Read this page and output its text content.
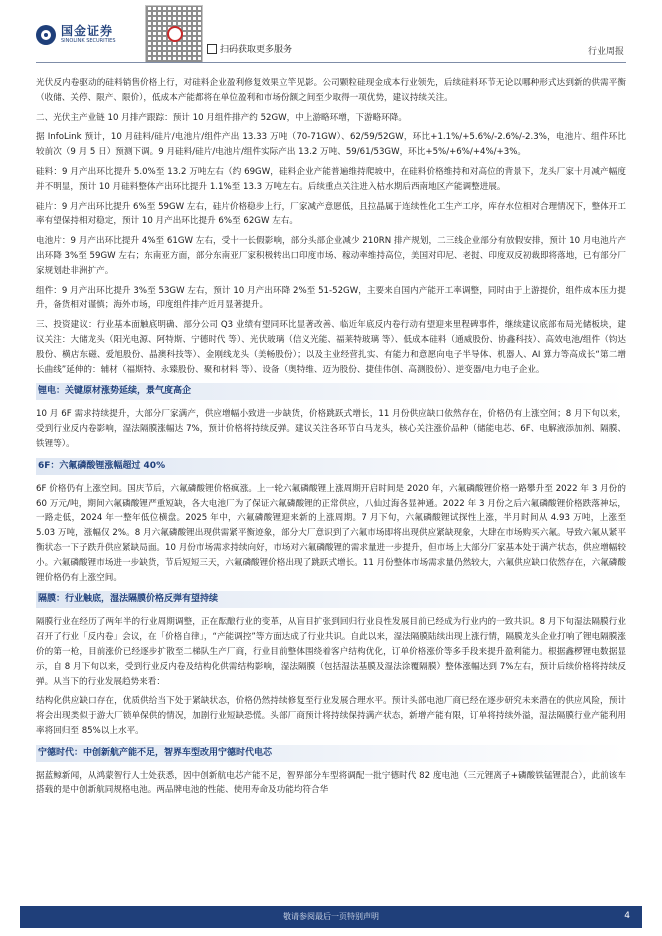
国金证券
SINOLINK SECURITIES
扫码获取更多服务	行业周报

光伏反内卷驱动的硅料销售价格上行，对硅料企业盈利修复效果立竿见影。公司颗粒硅现金成本行业领先，后续硅料环节无论以哪种形式达到新的供需平衡（收储、关停、限产、限价），低成本产能都将在单位盈利和市场份额之间至少取得一项优势，建议持续关注。

二、光伏主产业链 10 月排产跟踪：预计 10 月组件排产约 52GW，中上游略环增，下游略环降。

据 InfoLink 预计，10 月硅料/硅片/电池片/组件产出 13.33 万吨（70-71GW）、62/59/52GW，环比+1.1%/+5.6%/-2.6%/-2.3%，电池片、组件环比较前次（9 月 5 日）预测下调。9 月硅料/硅片/电池片/组件实际产出 13.2 万吨、59/61/53GW，环比+5%/+6%/+4%/+3%。

硅料：9 月产出环比提升 5.0%至 13.2 万吨左右（约 69GW，硅料企业产能普遍维持爬坡中，在硅料价格维持和对高位的背景下，龙头厂家十月减产幅度并不明显，预计 10 月硅料整体产出环比提升 1.1%至 13.3 万吨左右。后续重点关注进入枯水期后西南地区产能调整进展。

硅片：9 月产出环比提升 6%至 59GW 左右，硅片价格稳步上行，厂家减产意愿低，且拉晶属于连续性化工生产工序，库存水位相对合理情况下，整体开工率有望保持相对稳定，预计 10 月产出环比提升 6%至 62GW 左右。

电池片：9 月产出环比提升 4%至 61GW 左右，受十一长假影响，部分头部企业减少 210RN 排产规划，二三线企业部分有放假安排，预计 10 月电池片产出环降 3%至 59GW 左右；东南亚方面，部分东南亚厂家积极转出口印度市场、稼动率维持高位，美国对印尼、老挝、印度双反初裁即将落地，已有部分厂家规划赴非洲扩产。

组件：9 月产出环比提升 3%至 53GW 左右，预计 10 月产出环降 2%至 51-52GW，主要来自国内产能开工率调整，同时由于上游提价，组件成本压力提升，备货相对谨慎；海外市场，印度组件排产近月显著提升。

三、投资建议：行业基本面触底明确、部分公司 Q3 业绩有望同环比显著改善、临近年底反内卷行动有望迎来里程碑事件，继续建议底部布局光储板块，建议关注：大储龙头（阳光电源、阿特斯、宁德时代 等）、光伏玻璃（信义光能、福莱特玻璃 等）、低成本硅料（通威股份、协鑫科技）、高效电池/组件（钧达股份、横店东磁、爱旭股份、晶澳科技等）、金刚线龙头（美畅股份）；以及主业经营扎实、有能力和意愿向电子半导体、机器人、AI 算力等高成长“第二增长曲线”延伸的：辅材（福斯特、永臻股份、聚和材料 等）、设备（奥特维、迈为股份、捷佳伟创、高测股份）、逆变器/电力电子企业。

锂电：关键原材涨势延续，景气度高企

10 月 6F 需求持续提升，大部分厂家满产，供应增幅小致进一步缺货，价格跳跃式增长，11 月份供应缺口依然存在，价格仍有上涨空间；8 月下旬以来，受到行业反内卷影响，湿法隔膜涨幅达 7%，预计价格将持续反弹。建议关注各环节白马龙头，核心关注涨价品种（储能电芯、6F、电解液添加剂、隔膜、铁锂等）。

6F：六氟磷酸锂涨幅超过 40%

6F 价格仍有上涨空间。国庆节后，六氟磷酸锂价格疯涨。上一轮六氟磷酸锂上涨周期开启时间是 2020 年，六氟磷酸锂价格一路攀升至 2022 年 3 月份的 60 万元/吨，期间六氟磷酸锂严重短缺，各大电池厂为了保证六氟磷酸锂的正常供应，八仙过海各显神通。2022 年 3 月份之后六氟磷酸锂价格跌落神坛，一路走低，2024 年一整年低位横盘。2025 年中，六氟磷酸锂迎来新的上涨周期。7 月下旬，六氟磷酸锂试探性上涨，半月时间从 4.93 万吨，上涨至 5.03 万吨，涨幅仅 2%。8 月六氟磷酸锂出现供需紧平衡迹象，部分大厂意识到了六氟市场即将出现供应紧缺现象，大肆在市场购买六氟。导致六氟从紧平衡状态一下子跌升供应紧缺局面。10 月份市场需求持续向好，市场对六氟磷酸锂的需求量进一步提升，但市场上大部分厂家基本处于满产状态，供应增幅较小。六氟磷酸锂市场进一步缺货，节后短短三天，六氟磷酸锂价格出现了跳跃式增长。11 月份整体市场需求量仍然较大，六氟供应缺口依然存在，六氟磷酸锂价格仍有上涨空间。

隔膜：行业触底，湿法隔膜价格反弹有望持续

隔膜行业在经历了两年半的行业周期调整，正在酝酿行业的变革，从盲目扩张到回归行业良性发展目前已经成为行业内的一致共识。8 月下旬湿法隔膜行业召开了行业「反内卷」会议，在「价格自律」，“产能调控”等方面达成了行业共识。自此以来，湿法隔膜陆续出现上涨行情，隔膜龙头企业打响了锂电隔膜涨价的第一枪，目前涨价已经逐步扩散至二梯队生产厂商，行业目前整体围绕着客户结构优化，订单价格涨价等多手段来提升盈利能力。根据鑫椤锂电数据显示，自 8 月下旬以来，受到行业反内卷及结构化供需结构影响，湿法隔膜（包括湿法基膜及湿法涂覆隔膜）整体涨幅达到 7%左右，预计后续价格将持续反弹。从当下的行业发展趋势来看：

结构化供应缺口存在，优质供给当下处于紧缺状态，价格仍然持续修复至行业发展合理水平。预计头部电池厂商已经在逐步研究未来潜在的供应风险，预计将会出现类似于游大厂锁单保供的情况，加剧行业短缺恐慌。头部厂商预计将持续保持满产状态，新增产能有限，订单将持续外溢，湿法隔膜行业产能利用率将回归至 85%以上水平。

宁德时代：中创新航产能不足，智界车型改用宁德时代电芯

据蓝鲸新闻，从鸿蒙智行人士处获悉，因中创新航电芯产能不足，智界部分车型将调配一批宁德时代 82 度电池（三元锂离子+磷酸铁锰锂混合），此前该车搭载的是中创新航同规格电池。两品牌电池的性能、使用寿命及功能均符合华

敬请参阅最后一页特别声明	4
